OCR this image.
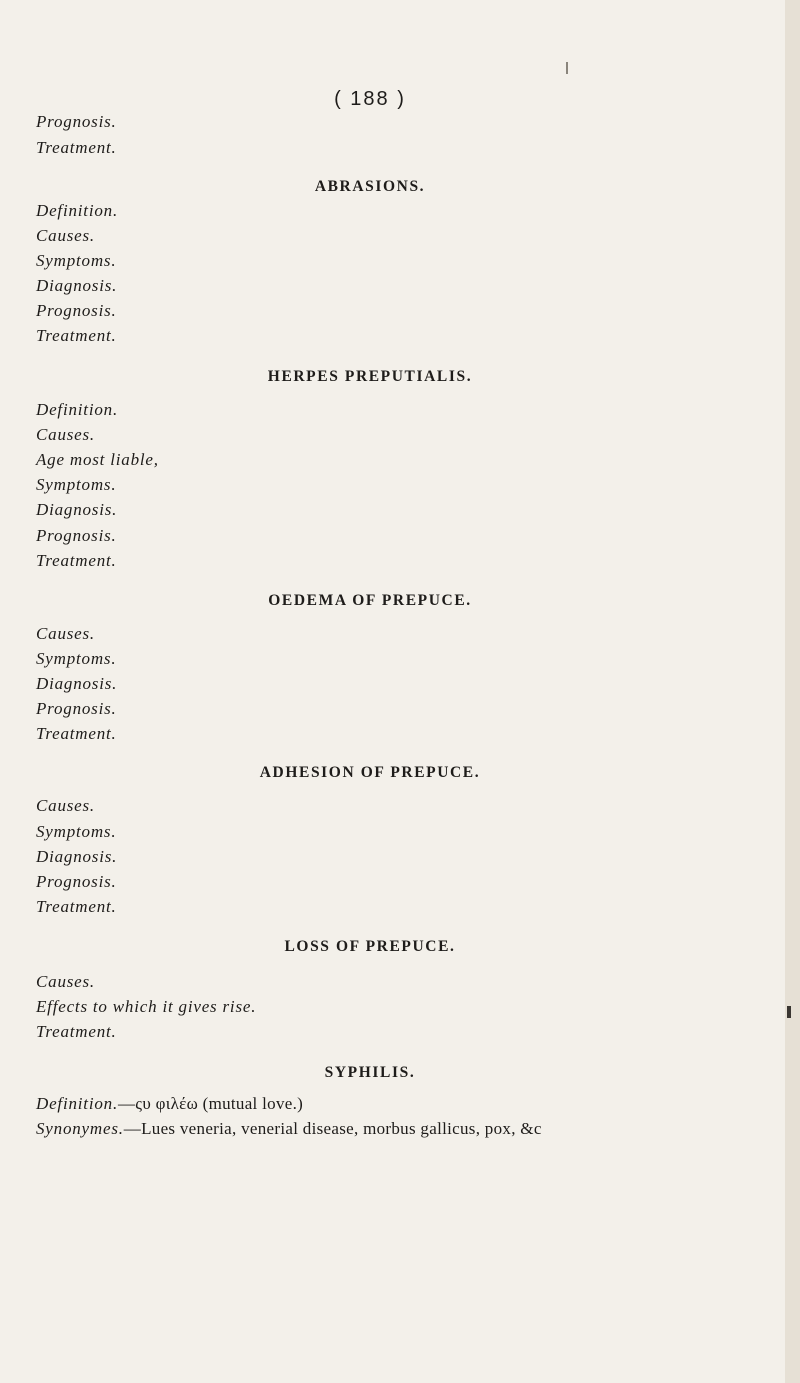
( 188 )
Prognosis.
Treatment.
ABRASIONS.
Definition.
Causes.
Symptoms.
Diagnosis.
Prognosis.
Treatment.
HERPES PREPUTIALIS.
Definition.
Causes.
Age most liable,
Symptoms.
Diagnosis.
Prognosis.
Treatment.
OEDEMA OF PREPUCE.
Causes.
Symptoms.
Diagnosis.
Prognosis.
Treatment.
ADHESION OF PREPUCE.
Causes.
Symptoms.
Diagnosis.
Prognosis.
Treatment.
LOSS OF PREPUCE.
Causes.
Effects to which it gives rise.
Treatment.
SYPHILIS.
Definition.—ςυ φιλέω (mutual love.)
Synonymes.—Lues veneria, venerial disease, morbus gallicus, pox, &c
